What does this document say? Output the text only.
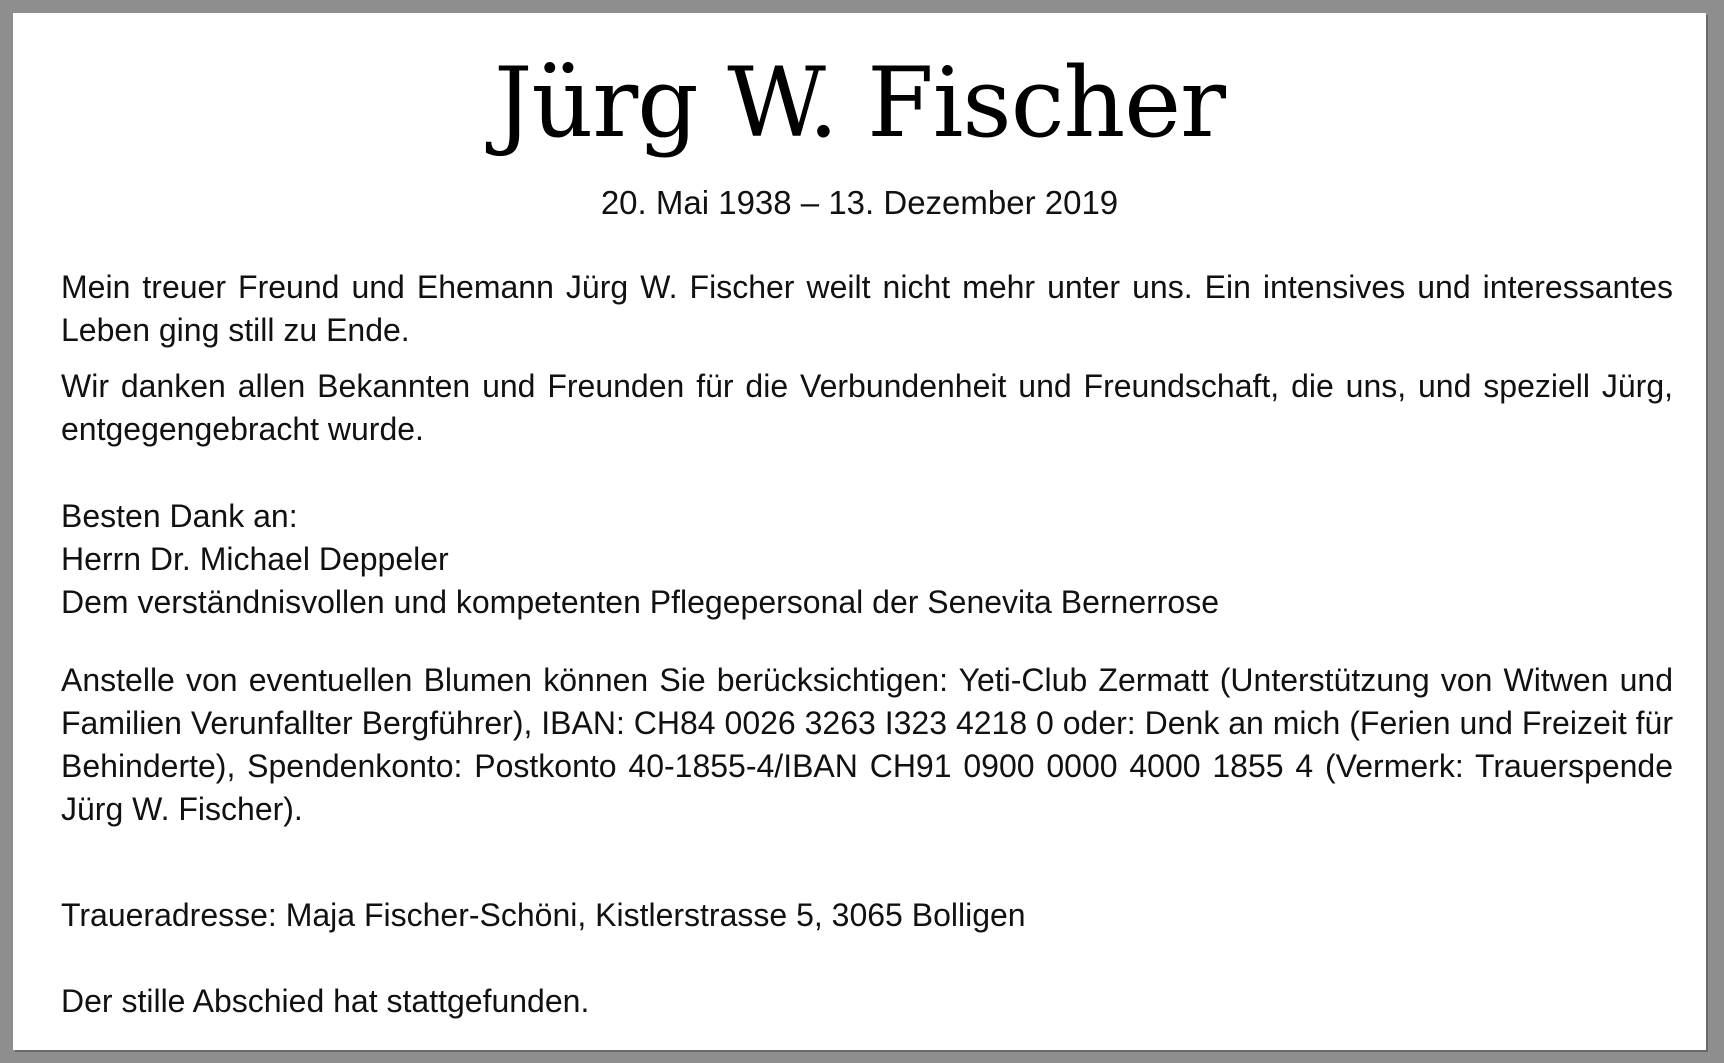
Jürg W. Fischer
20. Mai 1938 – 13. Dezember 2019
Mein treuer Freund und Ehemann Jürg W. Fischer weilt nicht mehr unter uns. Ein intensives und interessantes Leben ging still zu Ende.
Wir danken allen Bekannten und Freunden für die Verbundenheit und Freundschaft, die uns, und speziell Jürg, entgegengebracht wurde.
Besten Dank an:
Herrn Dr. Michael Deppeler
Dem verständnisvollen und kompetenten Pflegepersonal der Senevita Bernerrose
Anstelle von eventuellen Blumen können Sie berücksichtigen: Yeti-Club Zermatt (Unterstützung von Witwen und Familien Verunfallter Bergführer), IBAN: CH84 0026 3263 I323 4218 0 oder: Denk an mich (Ferien und Freizeit für Behinderte), Spendenkonto: Postkonto 40-1855-4/IBAN CH91 0900 0000 4000 1855 4 (Vermerk: Trauerspende Jürg W. Fischer).
Traueradresse: Maja Fischer-Schöni, Kistlerstrasse 5, 3065 Bolligen
Der stille Abschied hat stattgefunden.
